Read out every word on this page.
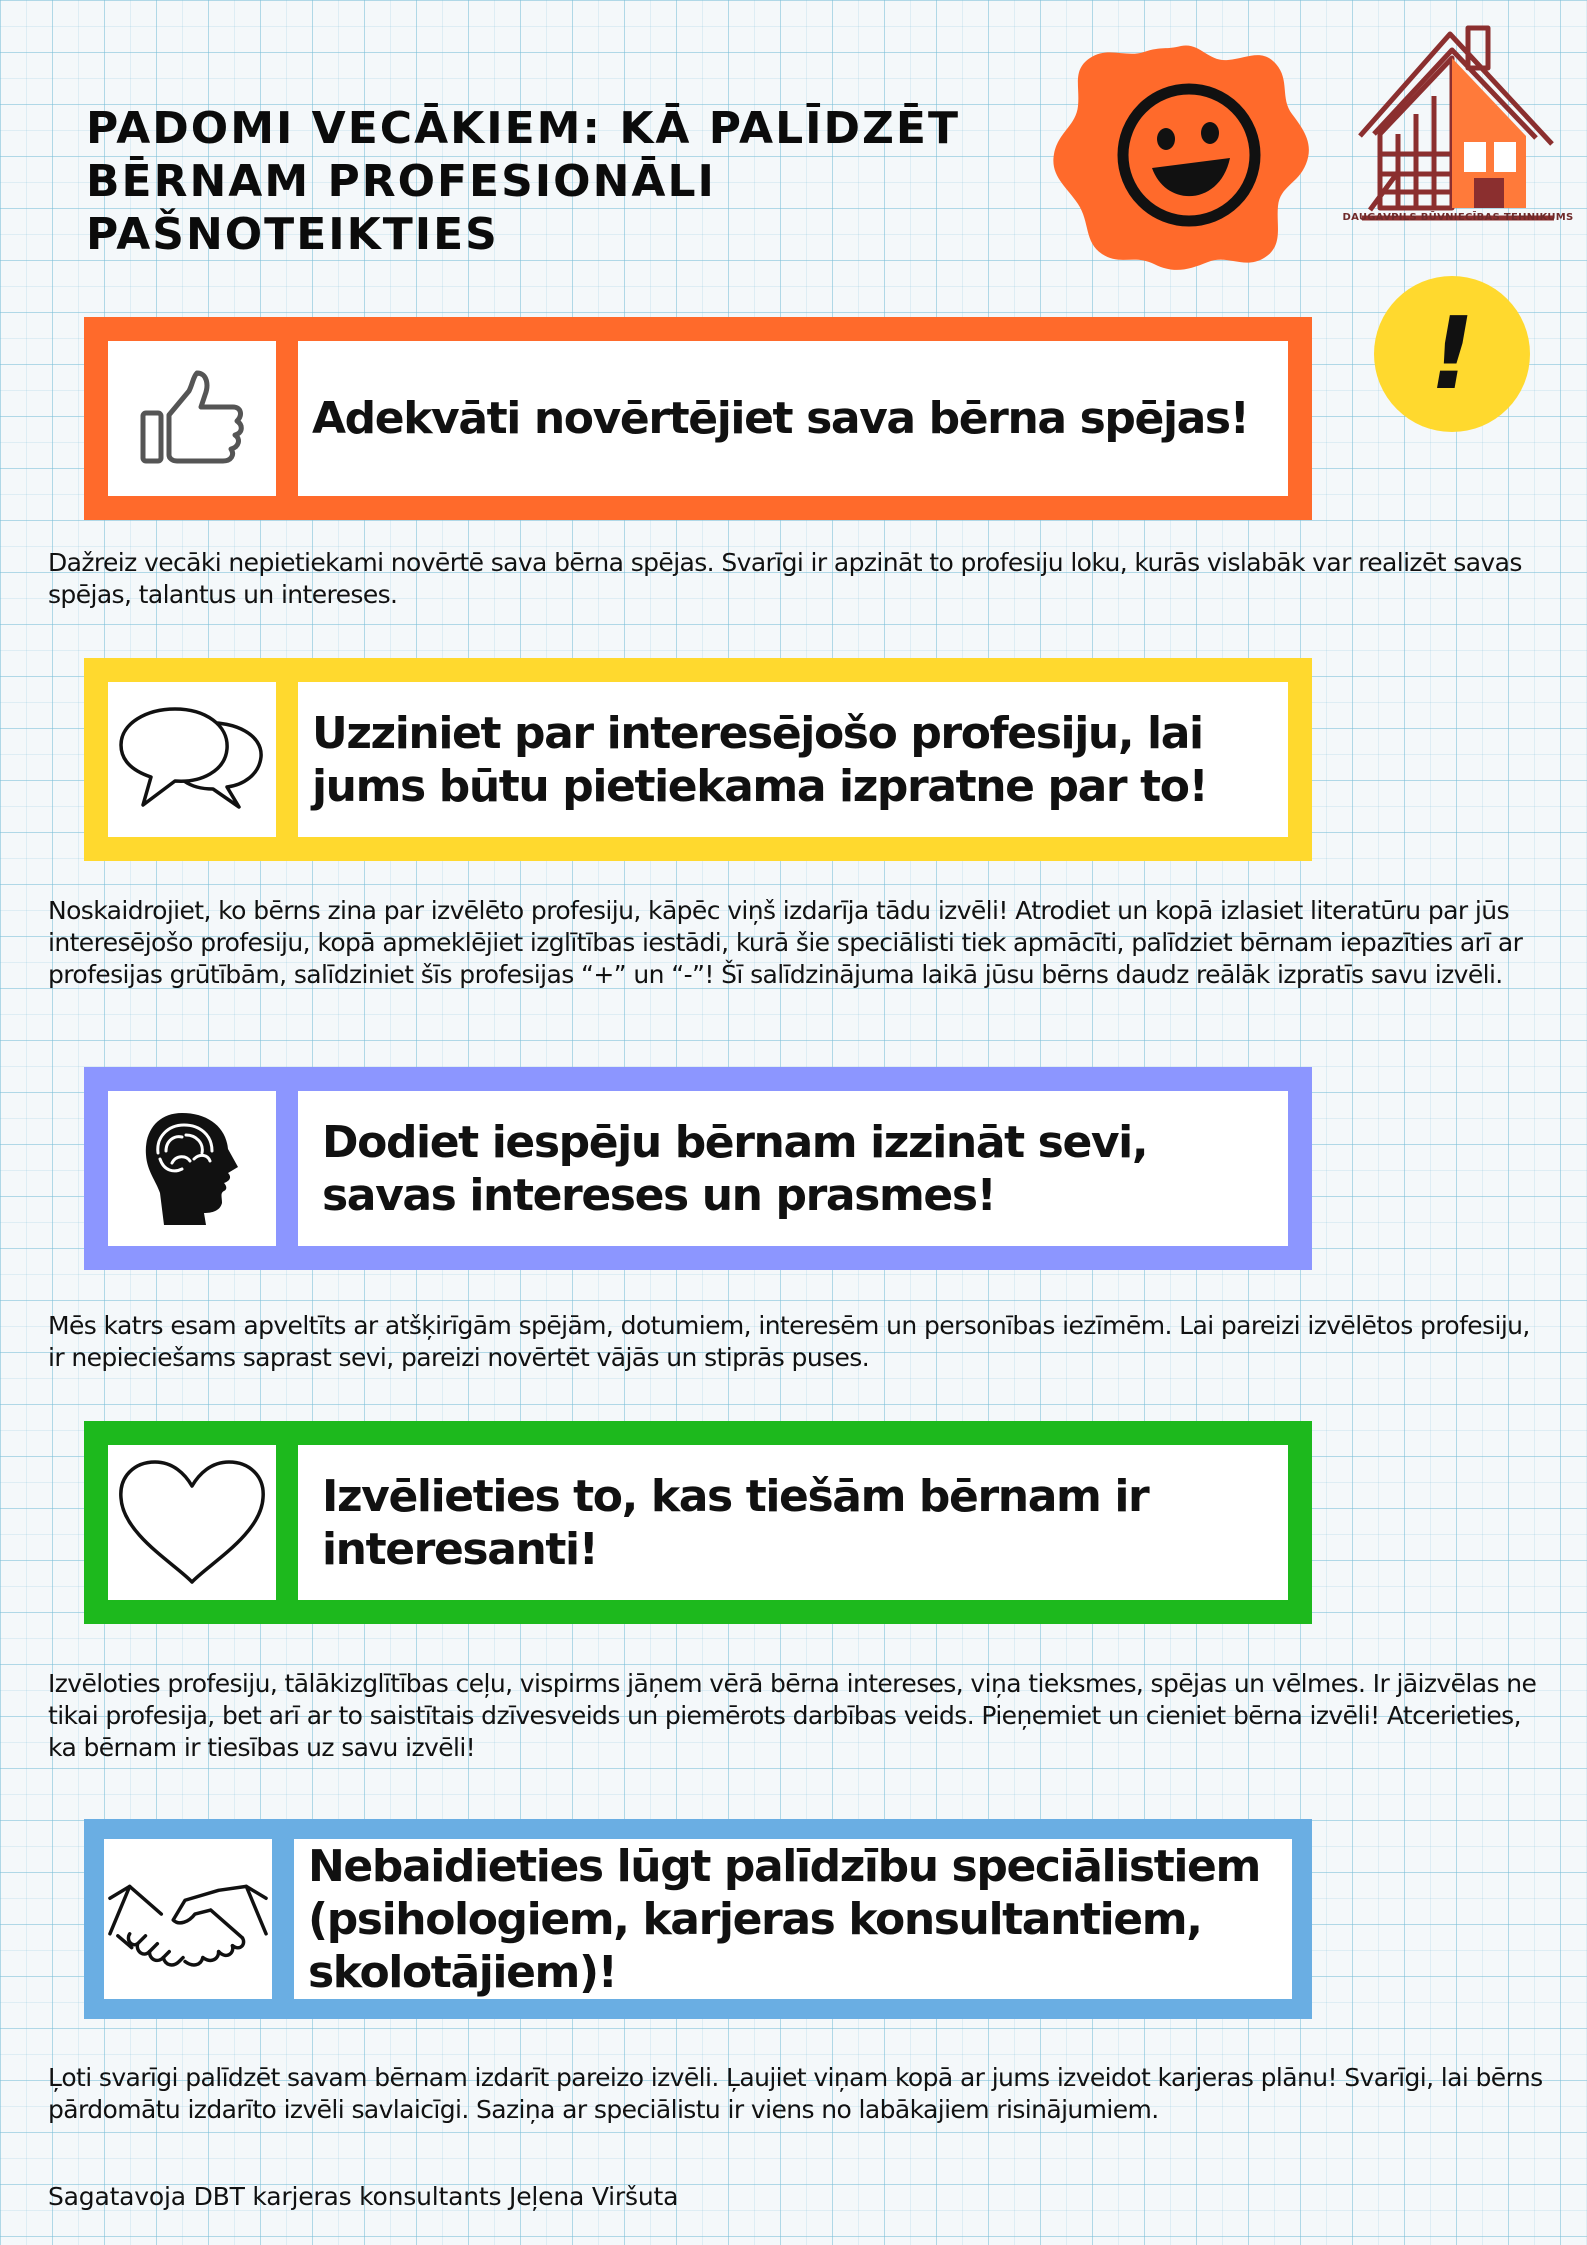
PADOMI VECĀKIEM: KĀ PALĪDZĒT BĒRNAM PROFESIONĀLI PAŠNOTEIKTIES	DAUGAVPILS BŪVNIECĪBAS TEHNIKUMS
!
Adekvāti novērtējiet sava bērna spējas!

Dažreiz vecāki nepietiekami novērtē sava bērna spējas. Svarīgi ir apzināt to profesiju loku, kurās vislabāk var realizēt savas spējas, talantus un intereses.

Uzziniet par interesējošo profesiju, lai jums būtu pietiekama izpratne par to!

Noskaidrojiet, ko bērns zina par izvēlēto profesiju, kāpēc viņš izdarīja tādu izvēli! Atrodiet un kopā izlasiet literatūru par jūs interesējošo profesiju, kopā apmeklējiet izglītības iestādi, kurā šie speciālisti tiek apmācīti, palīdziet bērnam iepazīties arī ar profesijas grūtībām, salīdziniet šīs profesijas “+” un “-”! Šī salīdzinājuma laikā jūsu bērns daudz reālāk izpratīs savu izvēli.

Dodiet iespēju bērnam izzināt sevi, savas intereses un prasmes!

Mēs katrs esam apveltīts ar atšķirīgām spējām, dotumiem, interesēm un personības iezīmēm. Lai pareizi izvēlētos profesiju, ir nepieciešams saprast sevi, pareizi novērtēt vājās un stiprās puses.

Izvēlieties to, kas tiešām bērnam ir interesanti!

Izvēloties profesiju, tālākizglītības ceļu, vispirms jāņem vērā bērna intereses, viņa tieksmes, spējas un vēlmes. Ir jāizvēlas ne tikai profesija, bet arī ar to saistītais dzīvesveids un piemērots darbības veids. Pieņemiet un cieniet bērna izvēli! Atcerieties, ka bērnam ir tiesības uz savu izvēli!

Nebaidieties lūgt palīdzību speciālistiem (psihologiem, karjeras konsultantiem, skolotājiem)!

Ļoti svarīgi palīdzēt savam bērnam izdarīt pareizo izvēli. Ļaujiet viņam kopā ar jums izveidot karjeras plānu! Svarīgi, lai bērns pārdomātu izdarīto izvēli savlaicīgi. Saziņa ar speciālistu ir viens no labākajiem risinājumiem.

Sagatavoja DBT karjeras konsultants Jeļena Viršuta
